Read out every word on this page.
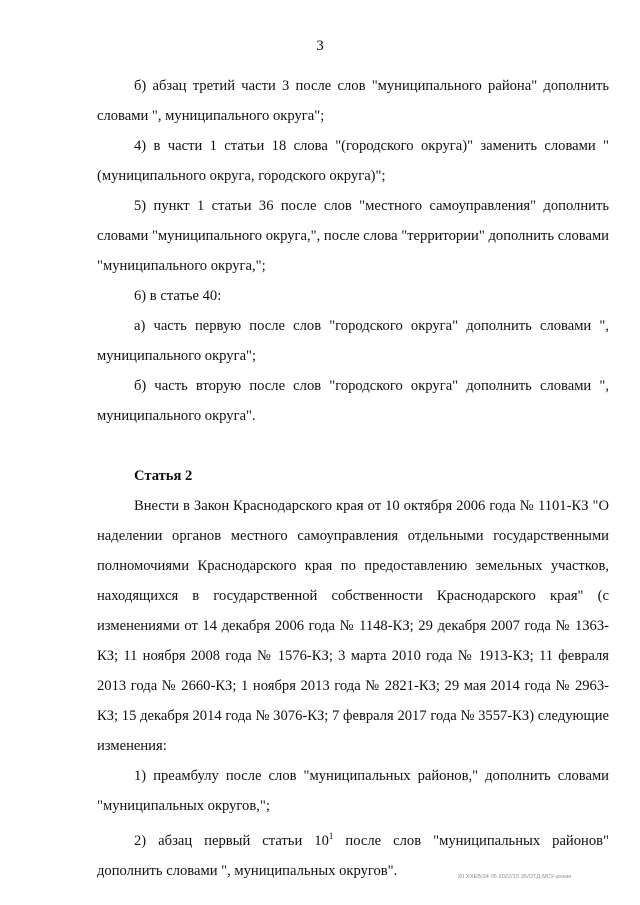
3

б) абзац третий части 3 после слов "муниципального района" дополнить словами ", муниципального округа";

4) в части 1 статьи 18 слова "(городского округа)" заменить словами "(муниципального округа, городского округа)";

5) пункт 1 статьи 36 после слов "местного самоуправления" дополнить словами "муниципального округа,", после слова "территории" дополнить словами "муниципального округа,";

6) в статье 40:

а) часть первую после слов "городского округа" дополнить словами ", муниципального округа";

б) часть вторую после слов "городского округа" дополнить словами ", муниципального округа".

Статья 2

Внести в Закон Краснодарского края от 10 октября 2006 года № 1101-КЗ "О наделении органов местного самоуправления отдельными государственными полномочиями Краснодарского края по предоставлению земельных участков, находящихся в государственной собственности Краснодарского края" (с изменениями от 14 декабря 2006 года № 1148-КЗ; 29 декабря 2007 года № 1363-КЗ; 11 ноября 2008 года № 1576-КЗ; 3 марта 2010 года № 1913-КЗ; 11 февраля 2013 года № 2660-КЗ; 1 ноября 2013 года № 2821-КЗ; 29 мая 2014 года № 2963-КЗ; 15 декабря 2014 года № 3076-КЗ; 7 февраля 2017 года № 3557-КЗ) следующие изменения:

1) преамбулу после слов "муниципальных районов," дополнить словами "муниципальных округов,";

2) абзац первый статьи $10^1$ после слов "муниципальных районов" дополнить словами ", муниципальных округов".	20 ХХЕВ/24 05 2022/15 35/ОТД-МСУ-рнкан
